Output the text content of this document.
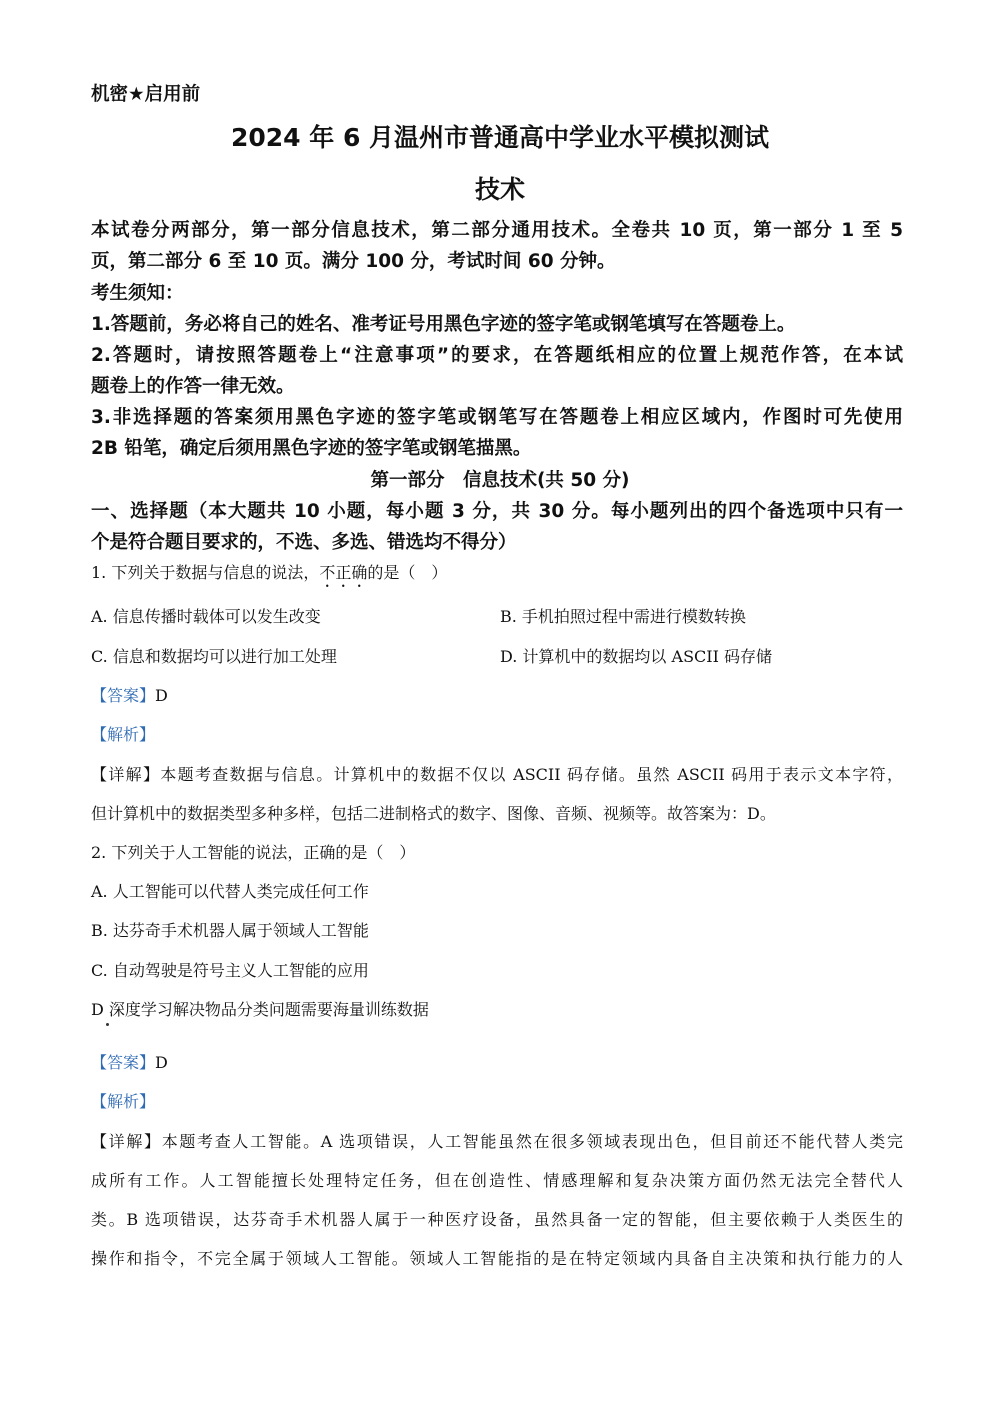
机密★启用前
2024 年 6 月温州市普通高中学业水平模拟测试
技术
本试卷分两部分，第一部分信息技术，第二部分通用技术。全卷共 10 页，第一部分 1 至 5
页，第二部分 6 至 10 页。满分 100 分，考试时间 60 分钟。
考生须知：
1.答题前，务必将自己的姓名、准考证号用黑色字迹的签字笔或钢笔填写在答题卷上。
2.答题时，请按照答题卷上“注意事项”的要求，在答题纸相应的位置上规范作答，在本试
题卷上的作答一律无效。
3.非选择题的答案须用黑色字迹的签字笔或钢笔写在答题卷上相应区域内，作图时可先使用
2B 铅笔，确定后须用黑色字迹的签字笔或钢笔描黑。
第一部分　信息技术(共 50 分)
一、选择题（本大题共 10 小题，每小题 3 分，共 30 分。每小题列出的四个备选项中只有一
个是符合题目要求的，不选、多选、错选均不得分）
1. 下列关于数据与信息的说法，不正确的是（　）
A. 信息传播时载体可以发生改变	B. 手机拍照过程中需进行模数转换
C. 信息和数据均可以进行加工处理	D. 计算机中的数据均以 ASCII 码存储
【答案】D
【解析】
【详解】本题考查数据与信息。计算机中的数据不仅以 ASCII 码存储。虽然 ASCII 码用于表示文本字符，
但计算机中的数据类型多种多样，包括二进制格式的数字、图像、音频、视频等。故答案为：D。
2. 下列关于人工智能的说法，正确的是（　）
A. 人工智能可以代替人类完成任何工作
B. 达芬奇手术机器人属于领域人工智能
C. 自动驾驶是符号主义人工智能的应用
D 深度学习解决物品分类问题需要海量训练数据
【答案】D
【解析】
【详解】本题考查人工智能。A 选项错误，人工智能虽然在很多领域表现出色，但目前还不能代替人类完
成所有工作。人工智能擅长处理特定任务，但在创造性、情感理解和复杂决策方面仍然无法完全替代人
类。B 选项错误，达芬奇手术机器人属于一种医疗设备，虽然具备一定的智能，但主要依赖于人类医生的
操作和指令，不完全属于领域人工智能。领域人工智能指的是在特定领域内具备自主决策和执行能力的人
